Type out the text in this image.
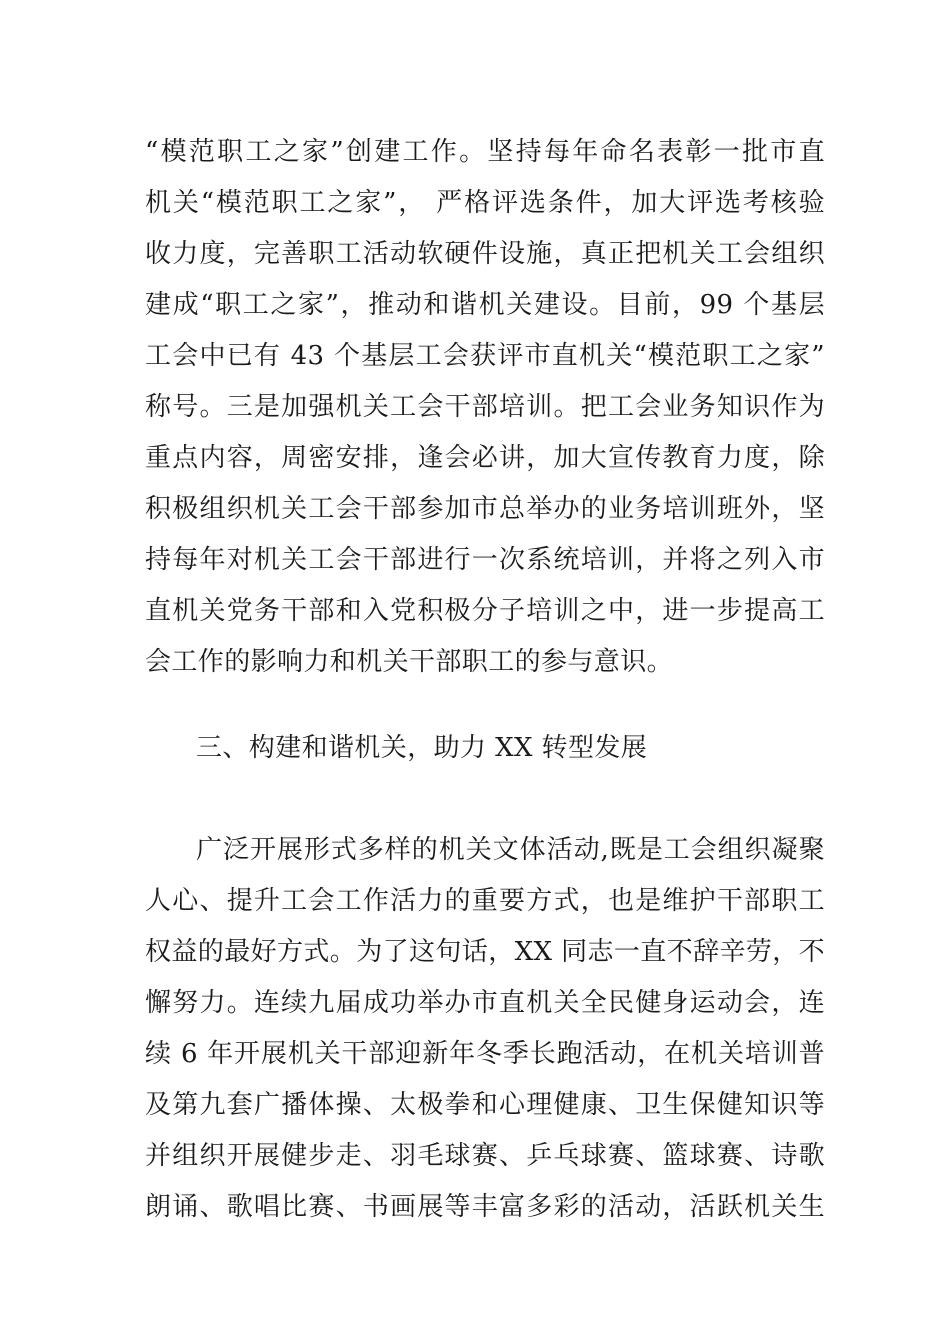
“模范职工之家”创建工作。坚持每年命名表彰一批市直
机关“模范职工之家”， 严格评选条件，加大评选考核验
收力度，完善职工活动软硬件设施，真正把机关工会组织
建成“职工之家”，推动和谐机关建设。目前，99 个基层
工会中已有 43 个基层工会获评市直机关“模范职工之家”
称号。三是加强机关工会干部培训。把工会业务知识作为
重点内容，周密安排，逢会必讲，加大宣传教育力度，除
积极组织机关工会干部参加市总举办的业务培训班外，坚
持每年对机关工会干部进行一次系统培训，并将之列入市
直机关党务干部和入党积极分子培训之中，进一步提高工
会工作的影响力和机关干部职工的参与意识。
三、构建和谐机关，助力 XX 转型发展
广泛开展形式多样的机关文体活动,既是工会组织凝聚
人心、提升工会工作活力的重要方式，也是维护干部职工
权益的最好方式。为了这句话，XX 同志一直不辞辛劳，不
懈努力。连续九届成功举办市直机关全民健身运动会，连
续 6 年开展机关干部迎新年冬季长跑活动，在机关培训普
及第九套广播体操、太极拳和心理健康、卫生保健知识等
并组织开展健步走、羽毛球赛、乒乓球赛、篮球赛、诗歌
朗诵、歌唱比赛、书画展等丰富多彩的活动，活跃机关生
